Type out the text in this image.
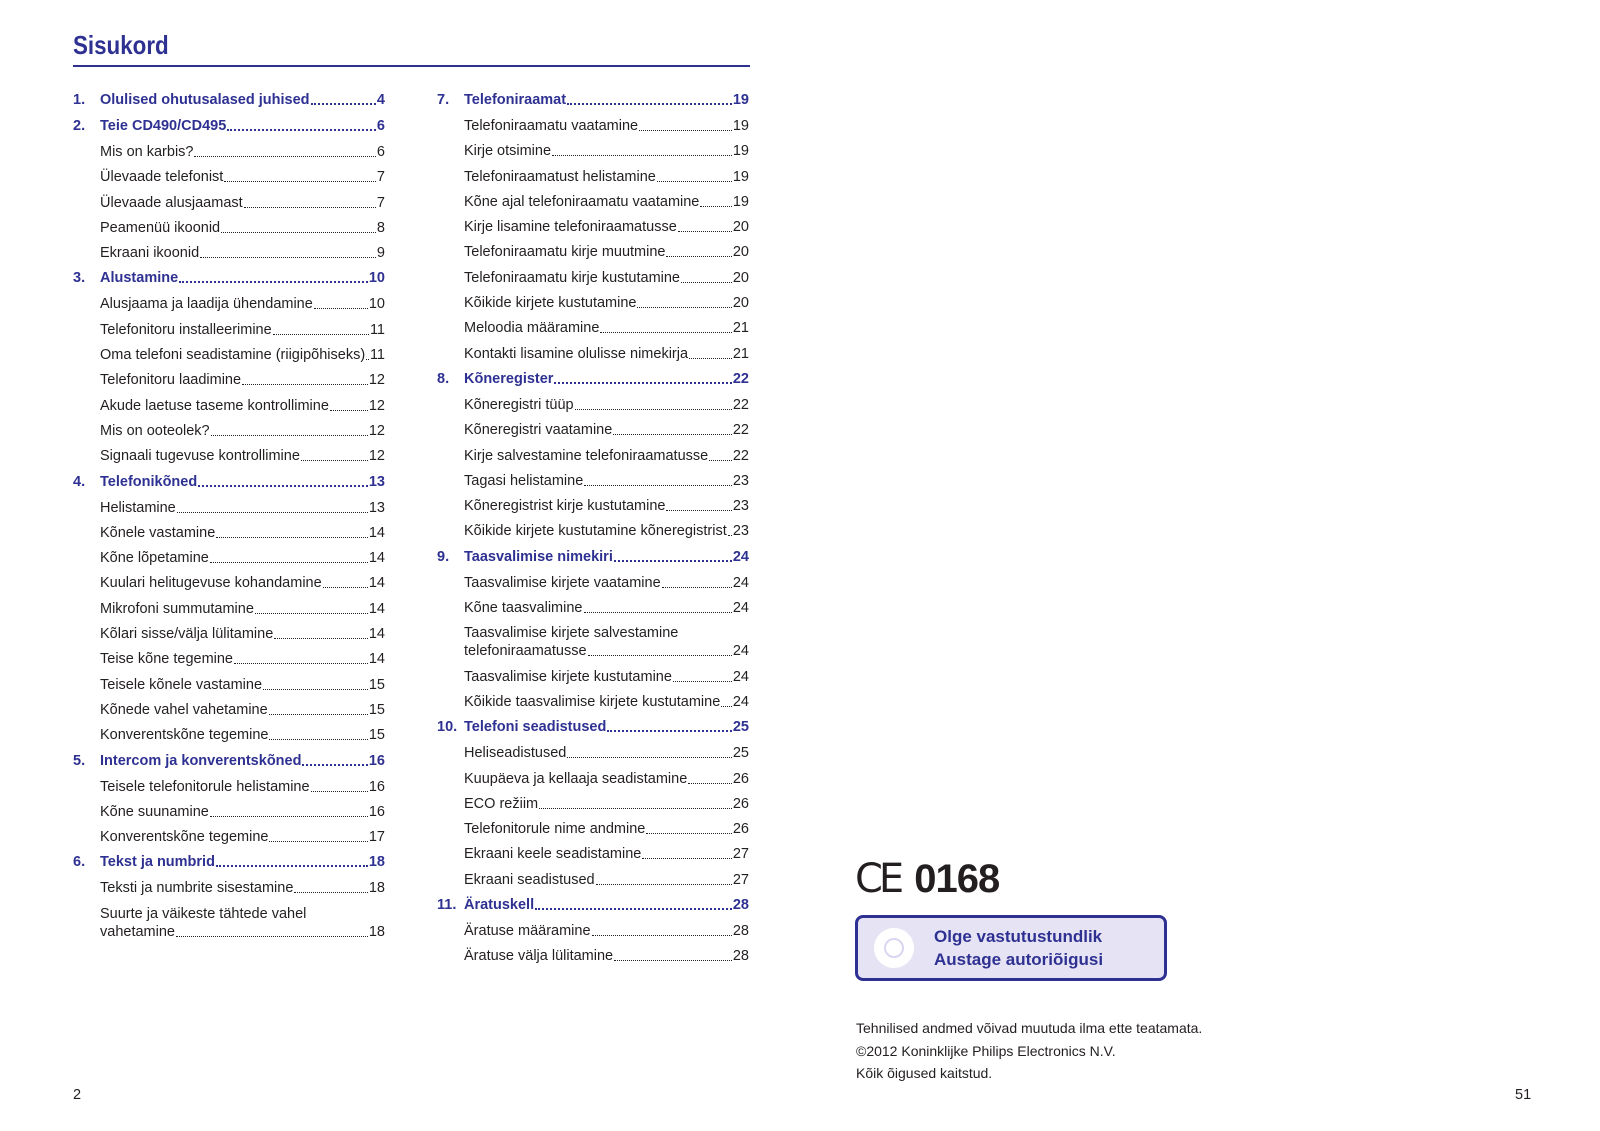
Sisukord
1.	Olulised ohutusalased juhised	4
2.	Teie CD490/CD495	6
Mis on karbis?	6
Ülevaade telefonist	7
Ülevaade alusjaamast	7
Peamenüü ikoonid	8
Ekraani ikoonid	9
3.	Alustamine	10
Alusjaama ja laadija ühendamine	10
Telefonitoru installeerimine	11
Oma telefoni seadistamine (riigipõhiseks) 11
Telefonitoru laadimine	12
Akude laetuse taseme kontrollimine	12
Mis on ooteolek?	12
Signaali tugevuse kontrollimine	12
4.	Telefonikõned	13
Helistamine	13
Kõnele vastamine	14
Kõne lõpetamine	14
Kuulari helitugevuse kohandamine	14
Mikrofoni summutamine	14
Kõlari sisse/välja lülitamine	14
Teise kõne tegemine	14
Teisele kõnele vastamine	15
Kõnede vahel vahetamine	15
Konverentskõne tegemine	15
5.	Intercom ja konverentskõned	16
Teisele telefonitorule helistamine	16
Kõne suunamine	16
Konverentskõne tegemine	17
6.	Tekst ja numbrid	18
Teksti ja numbrite sisestamine	18
Suurte ja väikeste tähtede vahel
vahetamine	18
7.	Telefoniraamat	19
Telefoniraamatu vaatamine	19
Kirje otsimine	19
Telefoniraamatust helistamine	19
Kõne ajal telefoniraamatu vaatamine 19
Kirje lisamine telefoniraamatusse	20
Telefoniraamatu kirje muutmine	20
Telefoniraamatu kirje kustutamine	20
Kõikide kirjete kustutamine	20
Meloodia määramine	21
Kontakti lisamine olulisse nimekirja	21
8.	Kõneregister	22
Kõneregistri tüüp	22
Kõneregistri vaatamine	22
Kirje salvestamine telefoniraamatusse 22
Tagasi helistamine	23
Kõneregistrist kirje kustutamine	23
Kõikide kirjete kustutamine kõneregistrist 23
9.	Taasvalimise nimekiri	24
Taasvalimise kirjete vaatamine	24
Kõne taasvalimine	24
Taasvalimise kirjete salvestamine
telefoniraamatusse	24
Taasvalimise kirjete kustutamine	24
Kõikide taasvalimise kirjete kustutamine 24
10. Telefoni seadistused	25
Heliseadistused	25
Kuupäeva ja kellaaja seadistamine	26
ECO režiim	26
Telefonitorule nime andmine	26
Ekraani keele seadistamine	27
Ekraani seadistused	27
11. Äratuskell	28
Äratuse määramine	28
Äratuse välja lülitamine	28
CE 0168
Olge vastutustundlik
Austage autoriõigusi
Tehnilised andmed võivad muutuda ilma ette teatamata.
©2012 Koninklijke Philips Electronics N.V.
Kõik õigused kaitstud.
2	51
